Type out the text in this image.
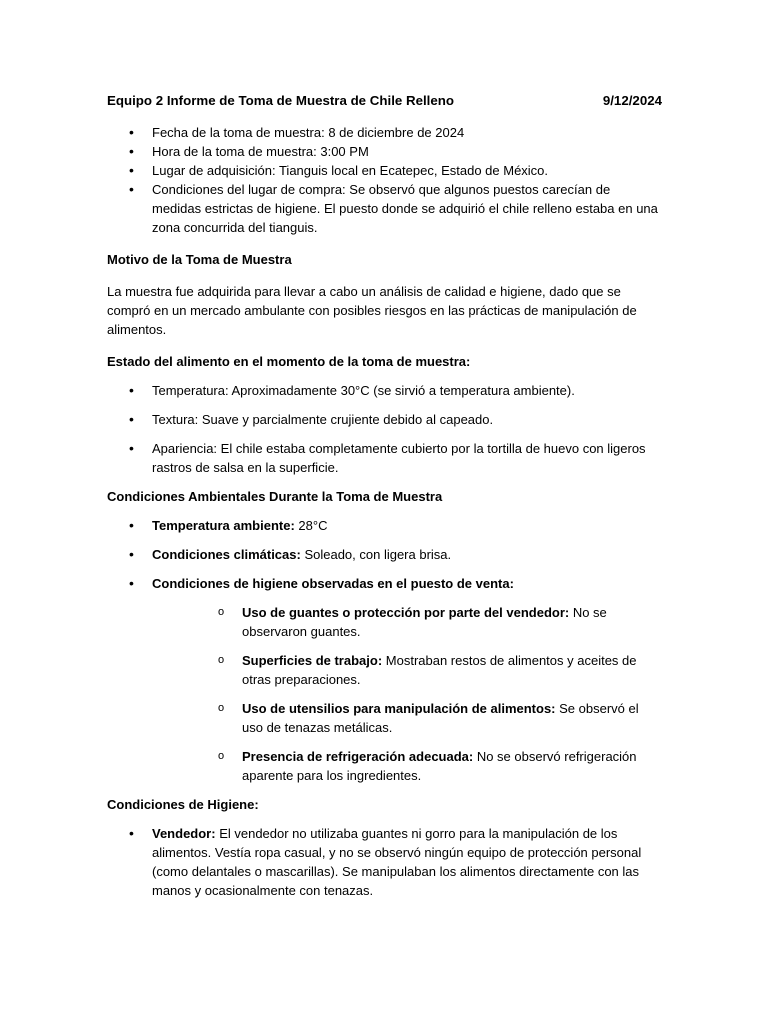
Equipo 2 Informe de Toma de Muestra de Chile Relleno	9/12/2024
• Fecha de la toma de muestra: 8 de diciembre de 2024
• Hora de la toma de muestra: 3:00 PM
• Lugar de adquisición: Tianguis local en Ecatepec, Estado de México.
• Condiciones del lugar de compra: Se observó que algunos puestos carecían de medidas estrictas de higiene. El puesto donde se adquirió el chile relleno estaba en una zona concurrida del tianguis.
Motivo de la Toma de Muestra

La muestra fue adquirida para llevar a cabo un análisis de calidad e higiene, dado que se compró en un mercado ambulante con posibles riesgos en las prácticas de manipulación de alimentos.

Estado del alimento en el momento de la toma de muestra:
• Temperatura: Aproximadamente 30°C (se sirvió a temperatura ambiente).
• Textura: Suave y parcialmente crujiente debido al capeado.
• Apariencia: El chile estaba completamente cubierto por la tortilla de huevo con ligeros rastros de salsa en la superficie.
Condiciones Ambientales Durante la Toma de Muestra
• Temperatura ambiente: 28°C
• Condiciones climáticas: Soleado, con ligera brisa.
• Condiciones de higiene observadas en el puesto de venta:
o Uso de guantes o protección por parte del vendedor: No se observaron guantes.
o Superficies de trabajo: Mostraban restos de alimentos y aceites de otras preparaciones.
o Uso de utensilios para manipulación de alimentos: Se observó el uso de tenazas metálicas.
o Presencia de refrigeración adecuada: No se observó refrigeración aparente para los ingredientes.
Condiciones de Higiene:
• Vendedor: El vendedor no utilizaba guantes ni gorro para la manipulación de los alimentos. Vestía ropa casual, y no se observó ningún equipo de protección personal (como delantales o mascarillas). Se manipulaban los alimentos directamente con las manos y ocasionalmente con tenazas.
